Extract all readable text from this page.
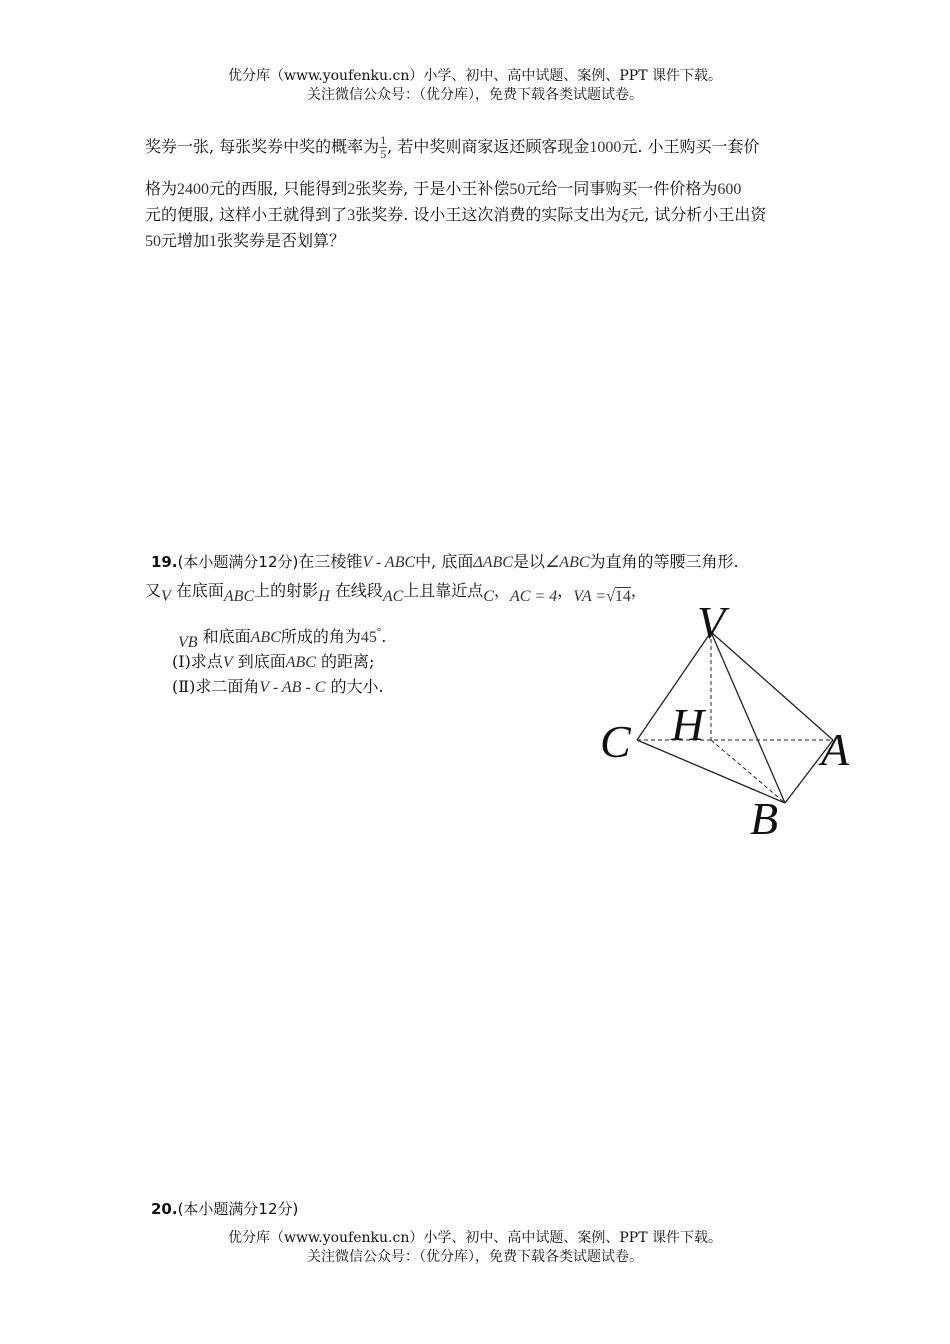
优分库（www.youfenku.cn）小学、初中、高中试题、案例、PPT 课件下载。
关注微信公众号：（优分库），免费下载各类试题试卷。
奖券一张, 每张奖券中奖的概率为 $\frac{1}{5}$ , 若中奖则商家返还顾客现金1000元. 小王购买一套价
格为2400元的西服, 只能得到2张奖券, 于是小王补偿50元给一同事购买一件价格为600
元的便服, 这样小王就得到了3张奖券. 设小王这次消费的实际支出为ξ元, 试分析小王出资
50元增加1张奖券是否划算？
19.(本小题满分12分)在三棱锥V - ABC中, 底面ΔABC是以∠ABC为直角的等腰三角形.
又V 在底面ABC上的射影H 在线段AC上且靠近点C，AC = 4，VA =√14，
VB 和底面ABC所成的角为45°.
(Ⅰ)求点V 到底面ABC 的距离;
(Ⅱ)求二面角V - AB - C 的大小.
V
H
C	A
B
20.(本小题满分12分)
优分库（www.youfenku.cn）小学、初中、高中试题、案例、PPT 课件下载。
关注微信公众号：（优分库），免费下载各类试题试卷。
